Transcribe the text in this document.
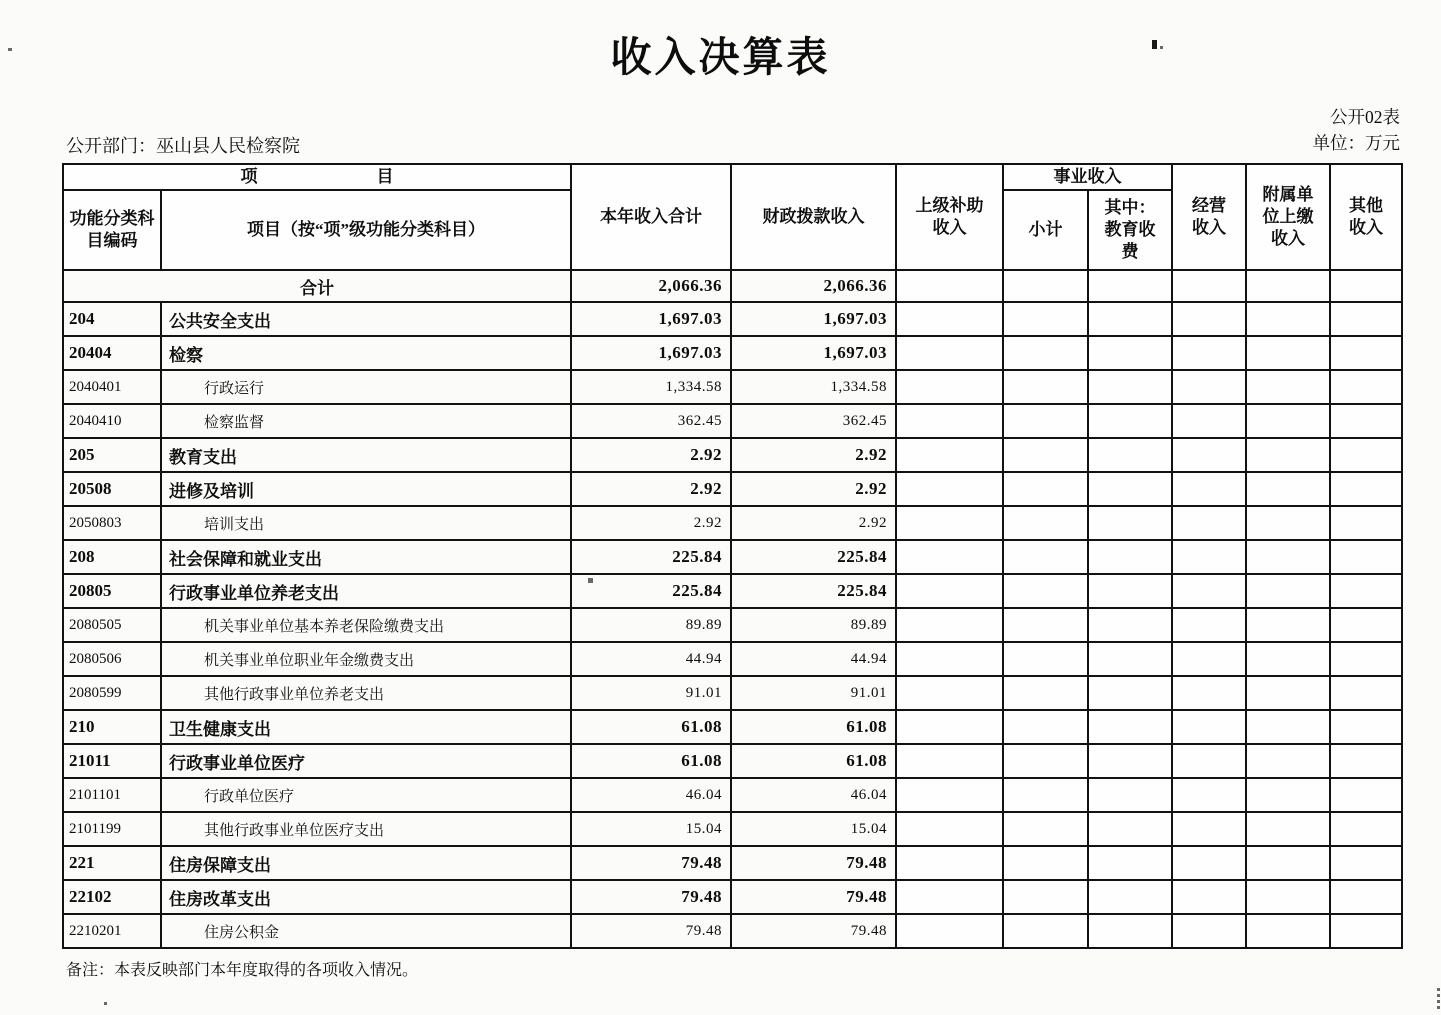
收入决算表
公开02表
单位：万元
公开部门：巫山县人民检察院
项　　　　　　　目		本年收入合计	财政拨款收入	上级补助收入	事业收入		经营收入	附属单位上缴收入	其他收入
功能分类科目编码	项目（按“项”级功能分类科目）				小计	其中：教育收费			
合计		2,066.36	2,066.36						
204	公共安全支出	1,697.03	1,697.03						
20404	检察	1,697.03	1,697.03						
2040401	行政运行	1,334.58	1,334.58						
2040410	检察监督	362.45	362.45						
205	教育支出	2.92	2.92						
20508	进修及培训	2.92	2.92						
2050803	培训支出	2.92	2.92						
208	社会保障和就业支出	225.84	225.84						
20805	行政事业单位养老支出	225.84	225.84						
2080505	机关事业单位基本养老保险缴费支出	89.89	89.89						
2080506	机关事业单位职业年金缴费支出	44.94	44.94						
2080599	其他行政事业单位养老支出	91.01	91.01						
210	卫生健康支出	61.08	61.08						
21011	行政事业单位医疗	61.08	61.08						
2101101	行政单位医疗	46.04	46.04						
2101199	其他行政事业单位医疗支出	15.04	15.04						
221	住房保障支出	79.48	79.48						
22102	住房改革支出	79.48	79.48						
2210201	住房公积金	79.48	79.48						
备注：本表反映部门本年度取得的各项收入情况。
